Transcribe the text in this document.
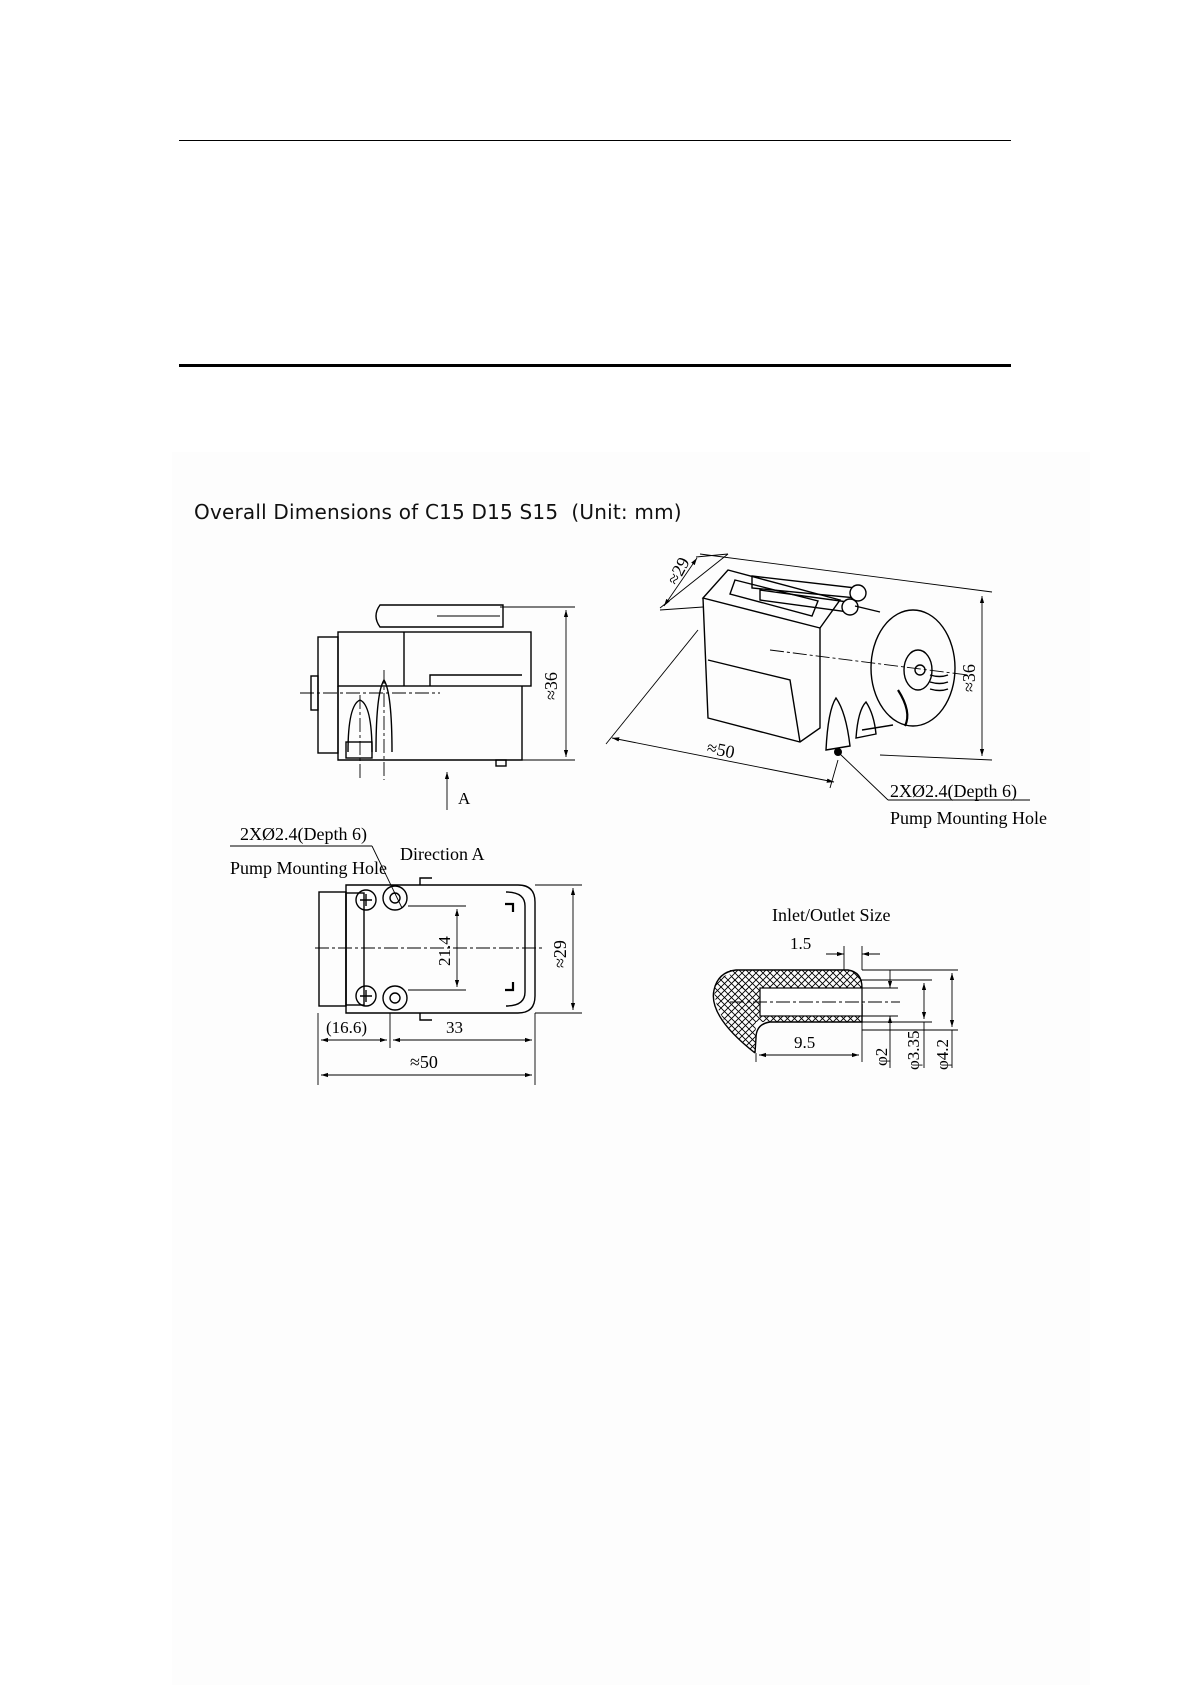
Overall Dimensions of C15 D15 S15  (Unit: mm)
≈36
A
≈29
≈36
≈50
2XØ2.4(Depth 6)
Pump Mounting Hole
2XØ2.4(Depth 6)
Pump Mounting Hole
Direction A
21.4	≈29
(16.6)	33
≈50
Inlet/Outlet Size
1.5
9.5
φ2 φ3.35 φ4.2
